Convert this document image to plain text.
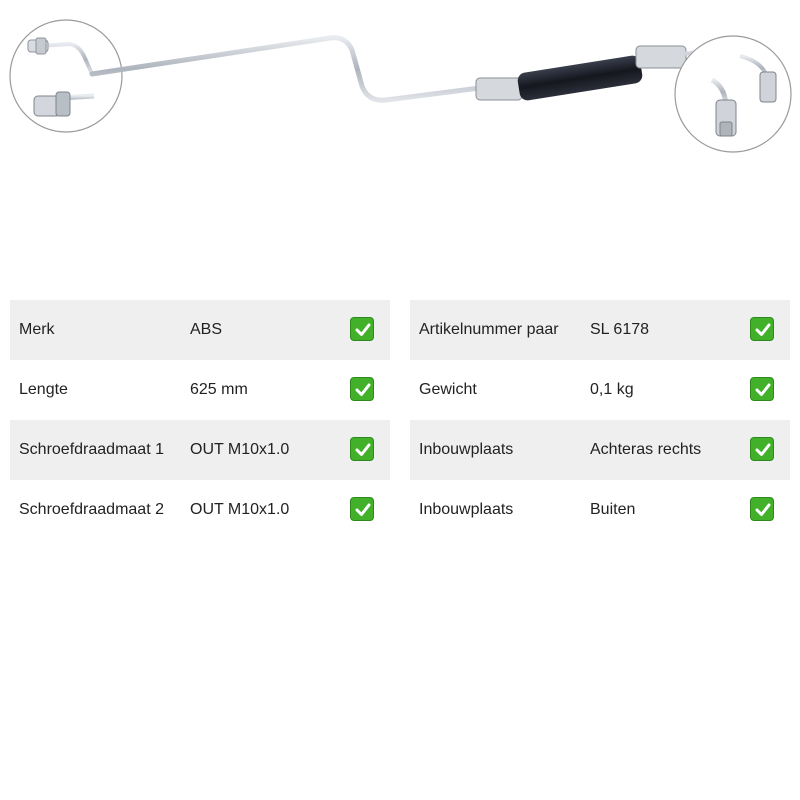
Merk	ABS
Lengte	625 mm
Schroefdraadmaat 1 OUT M10x1.0
Schroefdraadmaat 2 OUT M10x1.0
Artikelnummer paar SL 6178
Gewicht	0,1 kg
Inbouwplaats	Achteras rechts
Inbouwplaats	Buiten
